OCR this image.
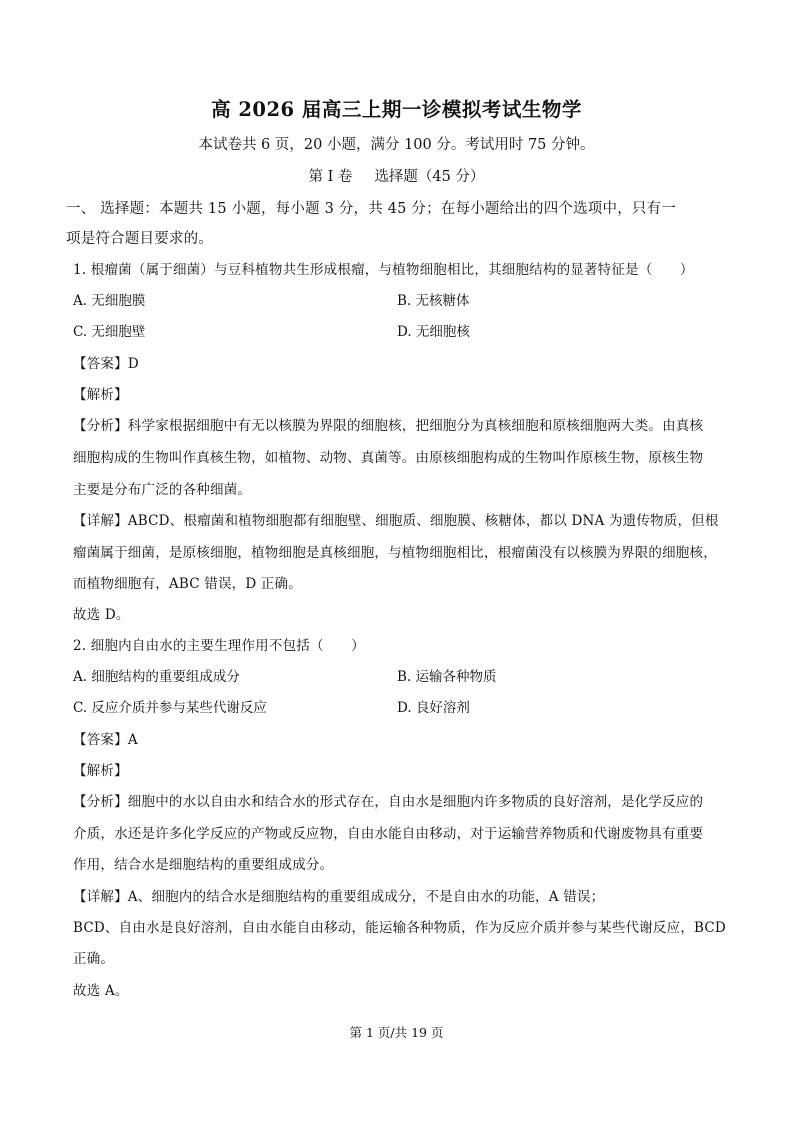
高 2026 届高三上期一诊模拟考试生物学
本试卷共 6 页，20 小题，满分 100 分。考试用时 75 分钟。
第 I 卷 选择题（45 分）
一、 选择题：本题共 15 小题，每小题 3 分，共 45 分；在每小题给出的四个选项中，只有一
项是符合题目要求的。
1. 根瘤菌（属于细菌）与豆科植物共生形成根瘤，与植物细胞相比，其细胞结构的显著特征是（　　）
A. 无细胞膜	B. 无核糖体
C. 无细胞壁	D. 无细胞核
【答案】D
【解析】
【分析】科学家根据细胞中有无以核膜为界限的细胞核，把细胞分为真核细胞和原核细胞两大类。由真核
细胞构成的生物叫作真核生物，如植物、动物、真菌等。由原核细胞构成的生物叫作原核生物，原核生物
主要是分布广泛的各种细菌。
【详解】ABCD、根瘤菌和植物细胞都有细胞壁、细胞质、细胞膜、核糖体，都以 DNA 为遗传物质，但根
瘤菌属于细菌，是原核细胞，植物细胞是真核细胞，与植物细胞相比，根瘤菌没有以核膜为界限的细胞核，
而植物细胞有，ABC 错误，D 正确。
故选 D。
2. 细胞内自由水的主要生理作用不包括（　　）
A. 细胞结构的重要组成成分	B. 运输各种物质
C. 反应介质并参与某些代谢反应	D. 良好溶剂
【答案】A
【解析】
【分析】细胞中的水以自由水和结合水的形式存在，自由水是细胞内许多物质的良好溶剂，是化学反应的
介质，水还是许多化学反应的产物或反应物，自由水能自由移动，对于运输营养物质和代谢废物具有重要
作用，结合水是细胞结构的重要组成成分。
【详解】A、细胞内的结合水是细胞结构的重要组成成分，不是自由水的功能，A 错误；
BCD、自由水是良好溶剂，自由水能自由移动，能运输各种物质，作为反应介质并参与某些代谢反应，BCD
正确。
故选 A。
第 1 页/共 19 页
